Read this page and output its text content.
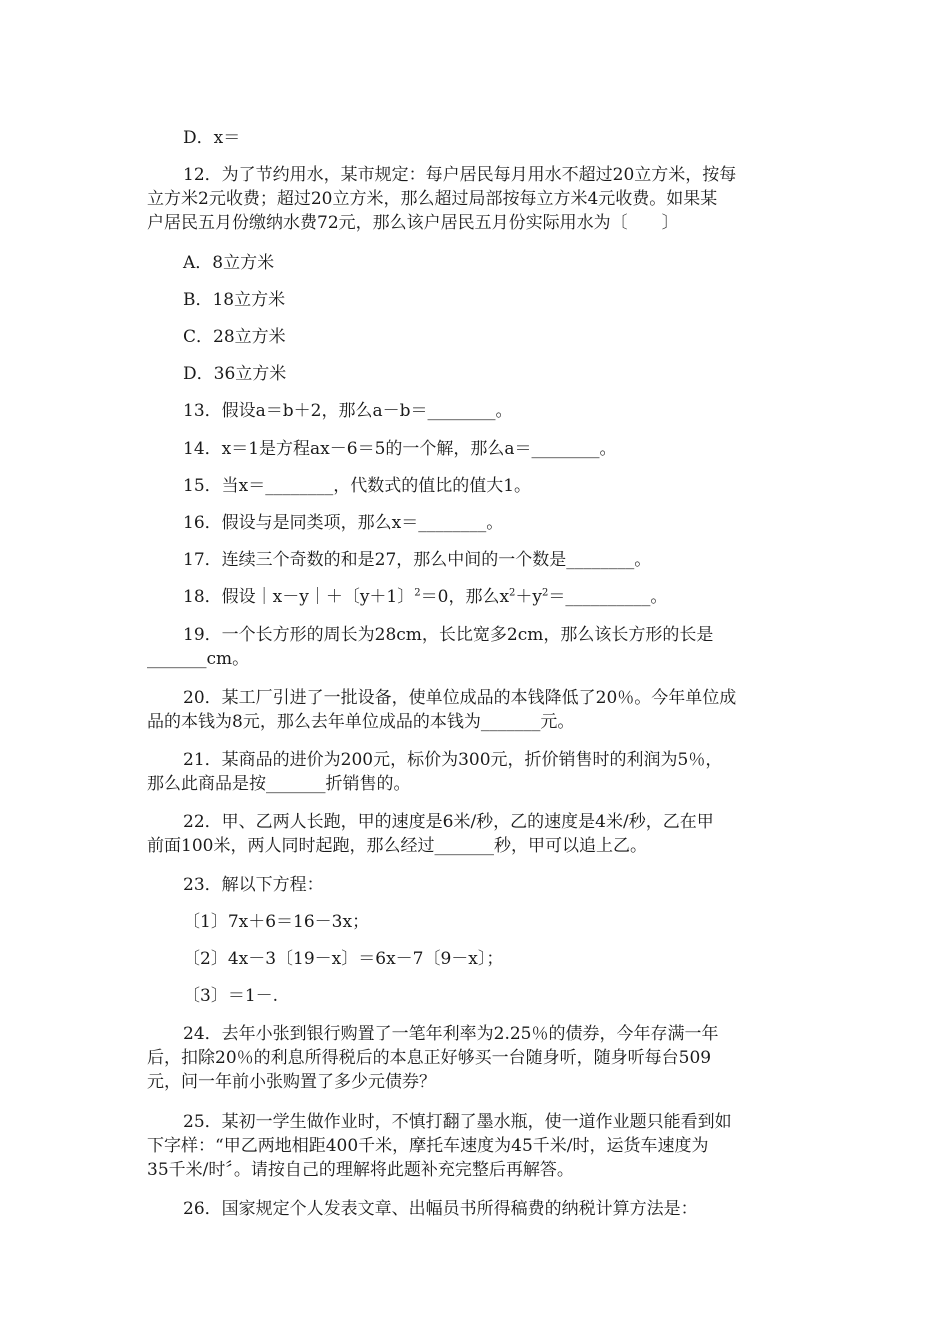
D．x＝
12．为了节约用水，某市规定：每户居民每月用水不超过20立方米，按每
立方米2元收费；超过20立方米，那么超过局部按每立方米4元收费。如果某
户居民五月份缴纳水费72元，那么该户居民五月份实际用水为〔　　〕
A．8立方米
B．18立方米
C．28立方米
D．36立方米
13．假设a＝b＋2，那么a－b＝________。
14．x＝1是方程ax－6＝5的一个解，那么a＝________。
15．当x＝________，代数式的值比的值大1。
16．假设与是同类项，那么x＝________。
17．连续三个奇数的和是27，那么中间的一个数是________。
18．假设｜x－y｜＋〔y＋1〕$^2$＝0，那么$x^2+y^2=\_\_\_\_\_\_\_\_\_\_$。
19．一个长方形的周长为28cm，长比宽多2cm，那么该长方形的长是
_______cm。
20．某工厂引进了一批设备，使单位成品的本钱降低了20％。今年单位成
品的本钱为8元，那么去年单位成品的本钱为_______元。
21．某商品的进价为200元，标价为300元，折价销售时的利润为5％，
那么此商品是按_______折销售的。
22．甲、乙两人长跑，甲的速度是6米/秒，乙的速度是4米/秒，乙在甲
前面100米，两人同时起跑，那么经过_______秒，甲可以追上乙。
23．解以下方程：
〔1〕7x＋6＝16－3x；
〔2〕4x－3〔19－x〕＝6x－7〔9－x〕；
〔3〕＝1－.
24．去年小张到银行购置了一笔年利率为2.25％的债券，今年存满一年
后，扣除20％的利息所得税后的本息正好够买一台随身听，随身听每台509
元，问一年前小张购置了多少元债券？
25．某初一学生做作业时，不慎打翻了墨水瓶，使一道作业题只能看到如
下字样：“甲乙两地相距400千米，摩托车速度为45千米/时，运货车速度为
35千米/时〞。请按自己的理解将此题补充完整后再解答。
26．国家规定个人发表文章、出幅员书所得稿费的纳税计算方法是：
